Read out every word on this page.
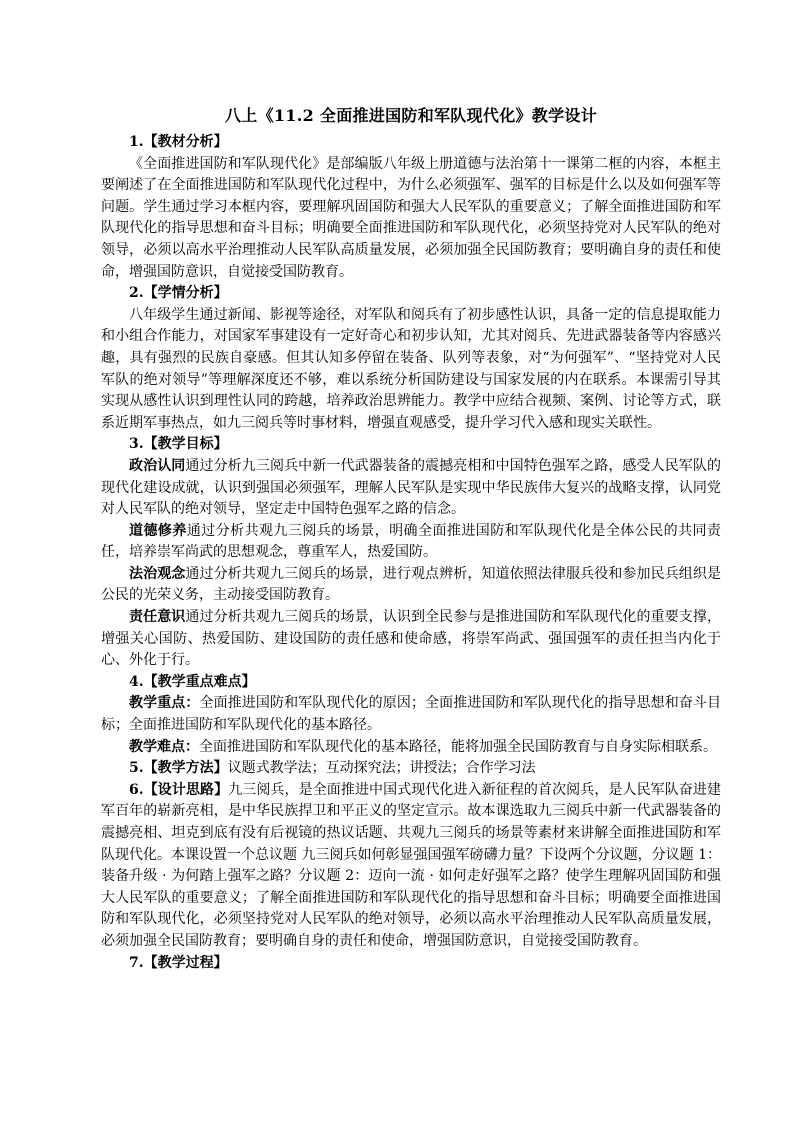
八上《11.2 全面推进国防和军队现代化》教学设计

1.【教材分析】

《全面推进国防和军队现代化》是部编版八年级上册道德与法治第十一课第二框的内容，本框主要阐述了在全面推进国防和军队现代化过程中，为什么必须强军、强军的目标是什么以及如何强军等问题。学生通过学习本框内容，要理解巩固国防和强大人民军队的重要意义；了解全面推进国防和军队现代化的指导思想和奋斗目标；明确要全面推进国防和军队现代化，必须坚持党对人民军队的绝对领导，必须以高水平治理推动人民军队高质量发展，必须加强全民国防教育；要明确自身的责任和使命，增强国防意识，自觉接受国防教育。

2.【学情分析】

八年级学生通过新闻、影视等途径，对军队和阅兵有了初步感性认识，具备一定的信息提取能力和小组合作能力，对国家军事建设有一定好奇心和初步认知，尤其对阅兵、先进武器装备等内容感兴趣，具有强烈的民族自豪感。但其认知多停留在装备、队列等表象，对“为何强军”、“坚持党对人民军队的绝对领导”等理解深度还不够，难以系统分析国防建设与国家发展的内在联系。本课需引导其实现从感性认识到理性认同的跨越，培养政治思辨能力。教学中应结合视频、案例、讨论等方式，联系近期军事热点，如九三阅兵等时事材料，增强直观感受，提升学习代入感和现实关联性。

3.【教学目标】

政治认同通过分析九三阅兵中新一代武器装备的震撼亮相和中国特色强军之路，感受人民军队的现代化建设成就，认识到强国必须强军，理解人民军队是实现中华民族伟大复兴的战略支撑，认同党对人民军队的绝对领导，坚定走中国特色强军之路的信念。

道德修养通过分析共观九三阅兵的场景，明确全面推进国防和军队现代化是全体公民的共同责任，培养崇军尚武的思想观念，尊重军人，热爱国防。

法治观念通过分析共观九三阅兵的场景，进行观点辨析，知道依照法律服兵役和参加民兵组织是公民的光荣义务，主动接受国防教育。

责任意识通过分析共观九三阅兵的场景，认识到全民参与是推进国防和军队现代化的重要支撑，增强关心国防、热爱国防、建设国防的责任感和使命感，将崇军尚武、强国强军的责任担当内化于心、外化于行。

4.【教学重点难点】

教学重点：全面推进国防和军队现代化的原因；全面推进国防和军队现代化的指导思想和奋斗目标；全面推进国防和军队现代化的基本路径。

教学难点：全面推进国防和军队现代化的基本路径，能将加强全民国防教育与自身实际相联系。

5.【教学方法】议题式教学法；互动探究法；讲授法；合作学习法

6.【设计思路】九三阅兵，是全面推进中国式现代化进入新征程的首次阅兵，是人民军队奋进建军百年的崭新亮相，是中华民族捍卫和平正义的坚定宣示。故本课选取九三阅兵中新一代武器装备的震撼亮相、坦克到底有没有后视镜的热议话题、共观九三阅兵的场景等素材来讲解全面推进国防和军队现代化。本课设置一个总议题 九三阅兵如何彰显强国强军磅礴力量？下设两个分议题，分议题 1：装备升级 · 为何踏上强军之路？分议题 2：迈向一流 · 如何走好强军之路？使学生理解巩固国防和强大人民军队的重要意义；了解全面推进国防和军队现代化的指导思想和奋斗目标；明确要全面推进国防和军队现代化，必须坚持党对人民军队的绝对领导，必须以高水平治理推动人民军队高质量发展，必须加强全民国防教育；要明确自身的责任和使命，增强国防意识，自觉接受国防教育。

7.【教学过程】
